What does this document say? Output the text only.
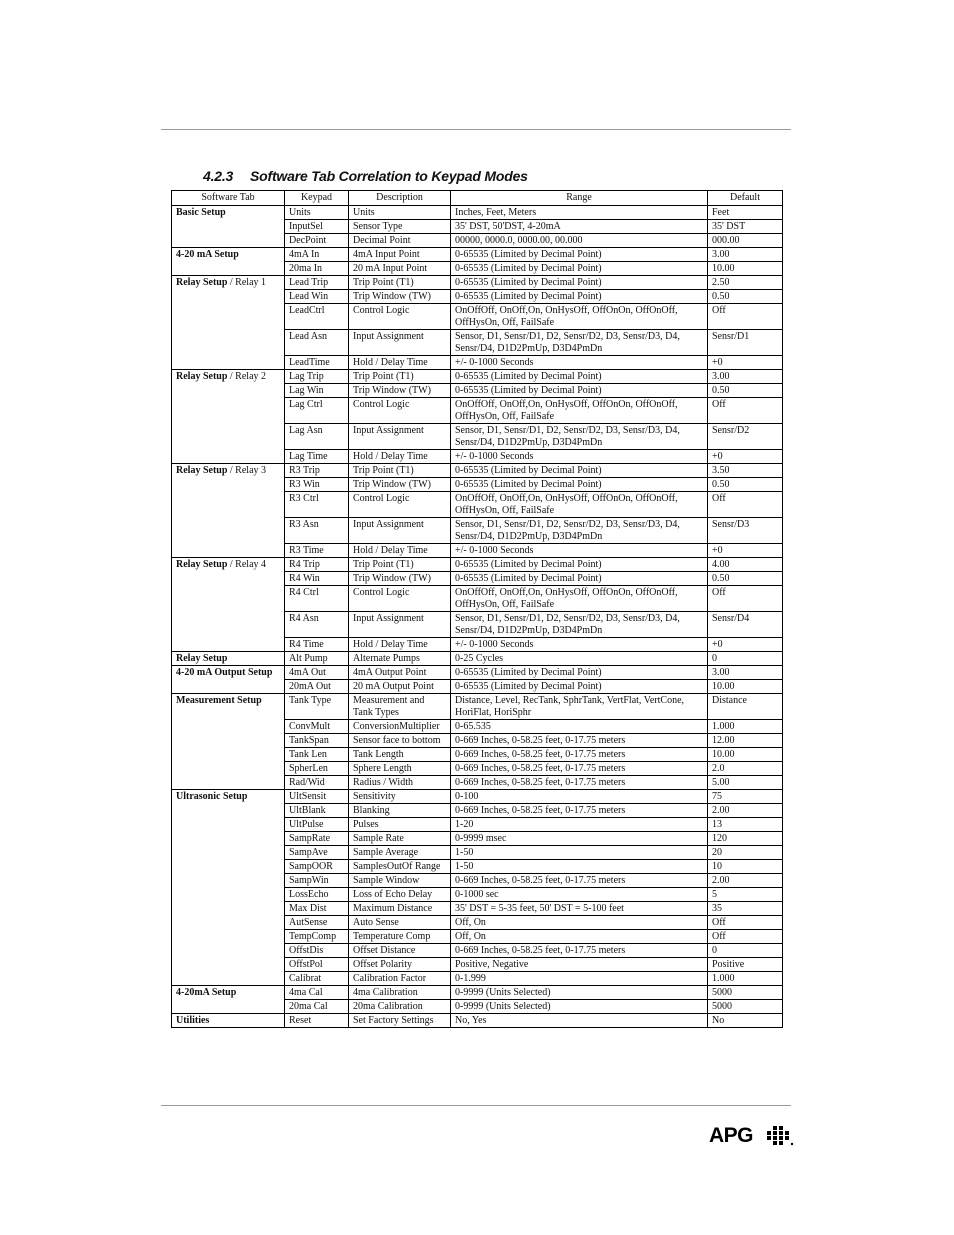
4.2.3 Software Tab Correlation to Keypad Modes
Software Tab	Keypad	Description	Range	Default
Basic Setup	Units	Units	Inches, Feet, Meters	Feet
	InputSel	Sensor Type	35' DST, 50'DST, 4-20mA	35' DST
	DecPoint	Decimal Point	00000, 0000.0, 0000.00, 00.000	000.00
4-20 mA Setup	4mA In	4mA Input Point	0-65535 (Limited by Decimal Point)	3.00
	20ma In	20 mA Input Point	0-65535 (Limited by Decimal Point)	10.00
Relay Setup / Relay 1	Lead Trip	Trip Point (T1)	0-65535 (Limited by Decimal Point)	2.50
	Lead Win	Trip Window (TW)	0-65535 (Limited by Decimal Point)	0.50
	LeadCtrl	Control Logic	OnOffOff, OnOff,On, OnHysOff, OffOnOn, OffOnOff, OffHysOn, Off, FailSafe	Off
	Lead Asn	Input Assignment	Sensor, D1, Sensr/D1, D2, Sensr/D2, D3, Sensr/D3, D4, Sensr/D4, D1D2PmUp, D3D4PmDn	Sensr/D1
	LeadTime	Hold / Delay Time	+/- 0-1000 Seconds	+0
Relay Setup / Relay 2	Lag Trip	Trip Point (T1)	0-65535 (Limited by Decimal Point)	3.00
	Lag Win	Trip Window (TW)	0-65535 (Limited by Decimal Point)	0.50
	Lag Ctrl	Control Logic	OnOffOff, OnOff,On, OnHysOff, OffOnOn, OffOnOff, OffHysOn, Off, FailSafe	Off
	Lag Asn	Input Assignment	Sensor, D1, Sensr/D1, D2, Sensr/D2, D3, Sensr/D3, D4, Sensr/D4, D1D2PmUp, D3D4PmDn	Sensr/D2
	Lag Time	Hold / Delay Time	+/- 0-1000 Seconds	+0
Relay Setup / Relay 3	R3 Trip	Trip Point (T1)	0-65535 (Limited by Decimal Point)	3.50
	R3 Win	Trip Window (TW)	0-65535 (Limited by Decimal Point)	0.50
	R3 Ctrl	Control Logic	OnOffOff, OnOff,On, OnHysOff, OffOnOn, OffOnOff, OffHysOn, Off, FailSafe	Off
	R3 Asn	Input Assignment	Sensor, D1, Sensr/D1, D2, Sensr/D2, D3, Sensr/D3, D4, Sensr/D4, D1D2PmUp, D3D4PmDn	Sensr/D3
	R3 Time	Hold / Delay Time	+/- 0-1000 Seconds	+0
Relay Setup / Relay 4	R4 Trip	Trip Point (T1)	0-65535 (Limited by Decimal Point)	4.00
	R4 Win	Trip Window (TW)	0-65535 (Limited by Decimal Point)	0.50
	R4 Ctrl	Control Logic	OnOffOff, OnOff,On, OnHysOff, OffOnOn, OffOnOff, OffHysOn, Off, FailSafe	Off
	R4 Asn	Input Assignment	Sensor, D1, Sensr/D1, D2, Sensr/D2, D3, Sensr/D3, D4, Sensr/D4, D1D2PmUp, D3D4PmDn	Sensr/D4
	R4 Time	Hold / Delay Time	+/- 0-1000 Seconds	+0
Relay Setup	Alt Pump	Alternate Pumps	0-25 Cycles	0
4-20 mA Output Setup	4mA Out	4mA Output Point	0-65535 (Limited by Decimal Point)	3.00
	20mA Out	20 mA Output Point	0-65535 (Limited by Decimal Point)	10.00
Measurement Setup	Tank Type	Measurement and Tank Types	Distance, Level, RecTank, SphrTank, VertFlat, VertCone, HoriFlat, HoriSphr	Distance
	ConvMult	ConversionMultiplier	0-65.535	1.000
	TankSpan	Sensor face to bottom	0-669 Inches, 0-58.25 feet, 0-17.75 meters	12.00
	Tank Len	Tank Length	0-669 Inches, 0-58.25 feet, 0-17.75 meters	10.00
	SpherLen	Sphere Length	0-669 Inches, 0-58.25 feet, 0-17.75 meters	2.0
	Rad/Wid	Radius / Width	0-669 Inches, 0-58.25 feet, 0-17.75 meters	5.00
Ultrasonic Setup	UltSensit	Sensitivity	0-100	75
	UltBlank	Blanking	0-669 Inches, 0-58.25 feet, 0-17.75 meters	2.00
	UltPulse	Pulses	1-20	13
	SampRate	Sample Rate	0-9999 msec	120
	SampAve	Sample Average	1-50	20
	SampOOR	SamplesOutOf Range	1-50	10
	SampWin	Sample Window	0-669 Inches, 0-58.25 feet, 0-17.75 meters	2.00
	LossEcho	Loss of Echo Delay	0-1000 sec	5
	Max Dist	Maximum Distance	35' DST = 5-35 feet, 50' DST = 5-100 feet	35
	AutSense	Auto Sense	Off, On	Off
	TempComp	Temperature Comp	Off, On	Off
	OffstDis	Offset Distance	0-669 Inches, 0-58.25 feet, 0-17.75 meters	0
	OffstPol	Offset Polarity	Positive, Negative	Positive
	Calibrat	Calibration Factor	0-1.999	1.000
4-20mA Setup	4ma Cal	4ma Calibration	0-9999 (Units Selected)	5000
	20ma Cal	20ma Calibration	0-9999 (Units Selected)	5000
Utilities	Reset	Set Factory Settings	No, Yes	No
APG
